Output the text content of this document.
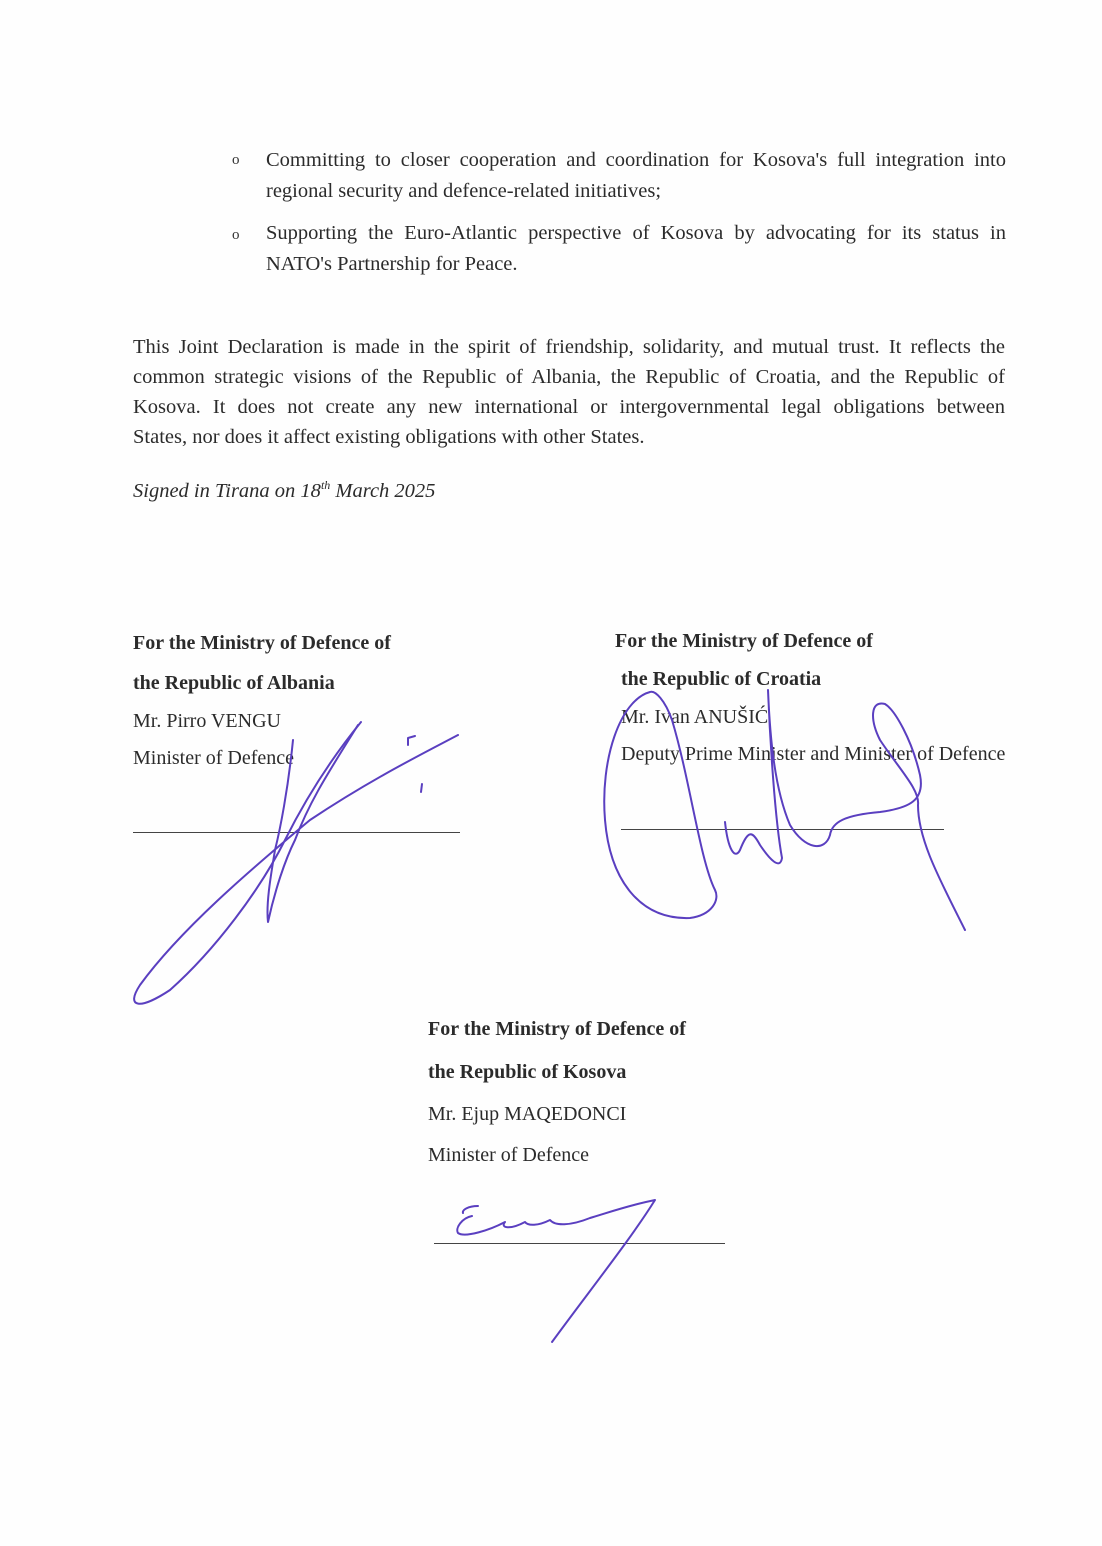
o Committing to closer cooperation and coordination for Kosova's full integration into regional security and defence-related initiatives;
o Supporting the Euro-Atlantic perspective of Kosova by advocating for its status in NATO's Partnership for Peace.
This Joint Declaration is made in the spirit of friendship, solidarity, and mutual trust. It reflects the
common strategic visions of the Republic of Albania, the Republic of Croatia, and the Republic of
Kosova. It does not create any new international or intergovernmental legal obligations between
States, nor does it affect existing obligations with other States.
Signed in Tirana on 18th March 2025
For the Ministry of Defence of
the Republic of Albania
Mr. Pirro VENGU
Minister of Defence
For the Ministry of Defence of
the Republic of Croatia
Mr. Ivan ANUŠIĆ
Deputy Prime Minister and Minister of Defence
For the Ministry of Defence of
the Republic of Kosova
Mr. Ejup MAQEDONCI
Minister of Defence
